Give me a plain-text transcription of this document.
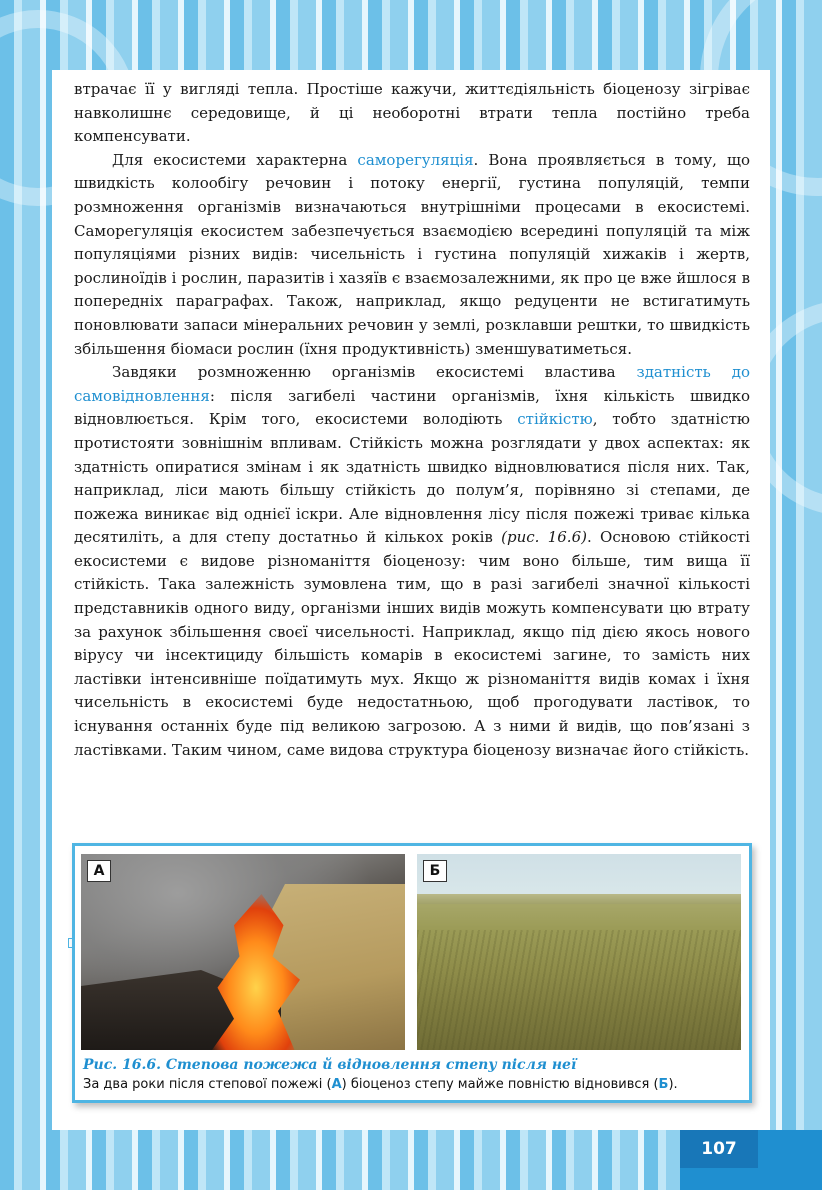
втрачає її у вигляді тепла. Простіше кажучи, життєдіяльність біоценозу зігріває навколишнє середовище, й ці необоротні втрати тепла постійно треба компенсувати.

Для екосистеми характерна саморегуляція. Вона проявляється в тому, що швидкість колообігу речовин і потоку енергії, густина популяцій, темпи розмноження організмів визначаються внутрішніми процесами в екосистемі. Саморегуляція екосистем забезпечується взаємодією всередині популяцій та між популяціями різних видів: чисельність і густина популяцій хижаків і жертв, рослиноїдів і рослин, паразитів і хазяїв є взаємозалежними, як про це вже йшлося в попередніх параграфах. Також, наприклад, якщо редуценти не встигатимуть поновлювати запаси мінеральних речовин у землі, розклавши рештки, то швидкість збільшення біомаси рослин (їхня продуктивність) зменшуватиметься.

Завдяки розмноженню організмів екосистемі властива здатність до самовідновлення: після загибелі частини організмів, їхня кількість швидко відновлюється. Крім того, екосистеми володіють стійкістю, тобто здатністю протистояти зовнішнім впливам. Стійкість можна розглядати у двох аспектах: як здатність опиратися змінам і як здатність швидко відновлюватися після них. Так, наприклад, ліси мають більшу стійкість до полум’я, порівняно зі степами, де пожежа виникає від однієї іскри. Але відновлення лісу після пожежі триває кілька десятиліть, а для степу достатньо й кількох років (рис. 16.6). Основою стійкості екосистеми є видове різноманіття біоценозу: чим воно більше, тим вища її стійкість. Така залежність зумовлена тим, що в разі загибелі значної кількості представників одного виду, організми інших видів можуть компенсувати цю втрату за рахунок збільшення своєї чисельності. Наприклад, якщо під дією якось нового вірусу чи інсектициду більшість комарів в екосистемі загине, то замість них ластівки інтенсивніше поїдатимуть мух. Якщо ж різноманіття видів комах і їхня чисельність в екосистемі буде недостатньою, щоб прогодувати ластівок, то існування останніх буде під великою загрозою. А з ними й видів, що пов’язані з ластівками. Таким чином, саме видова структура біоценозу визначає його стійкість.

А	Б
Рис. 16.6. Степова пожежа й відновлення степу після неї
За два роки після степової пожежі (А) біоценоз степу майже повністю відновився (Б).
107
